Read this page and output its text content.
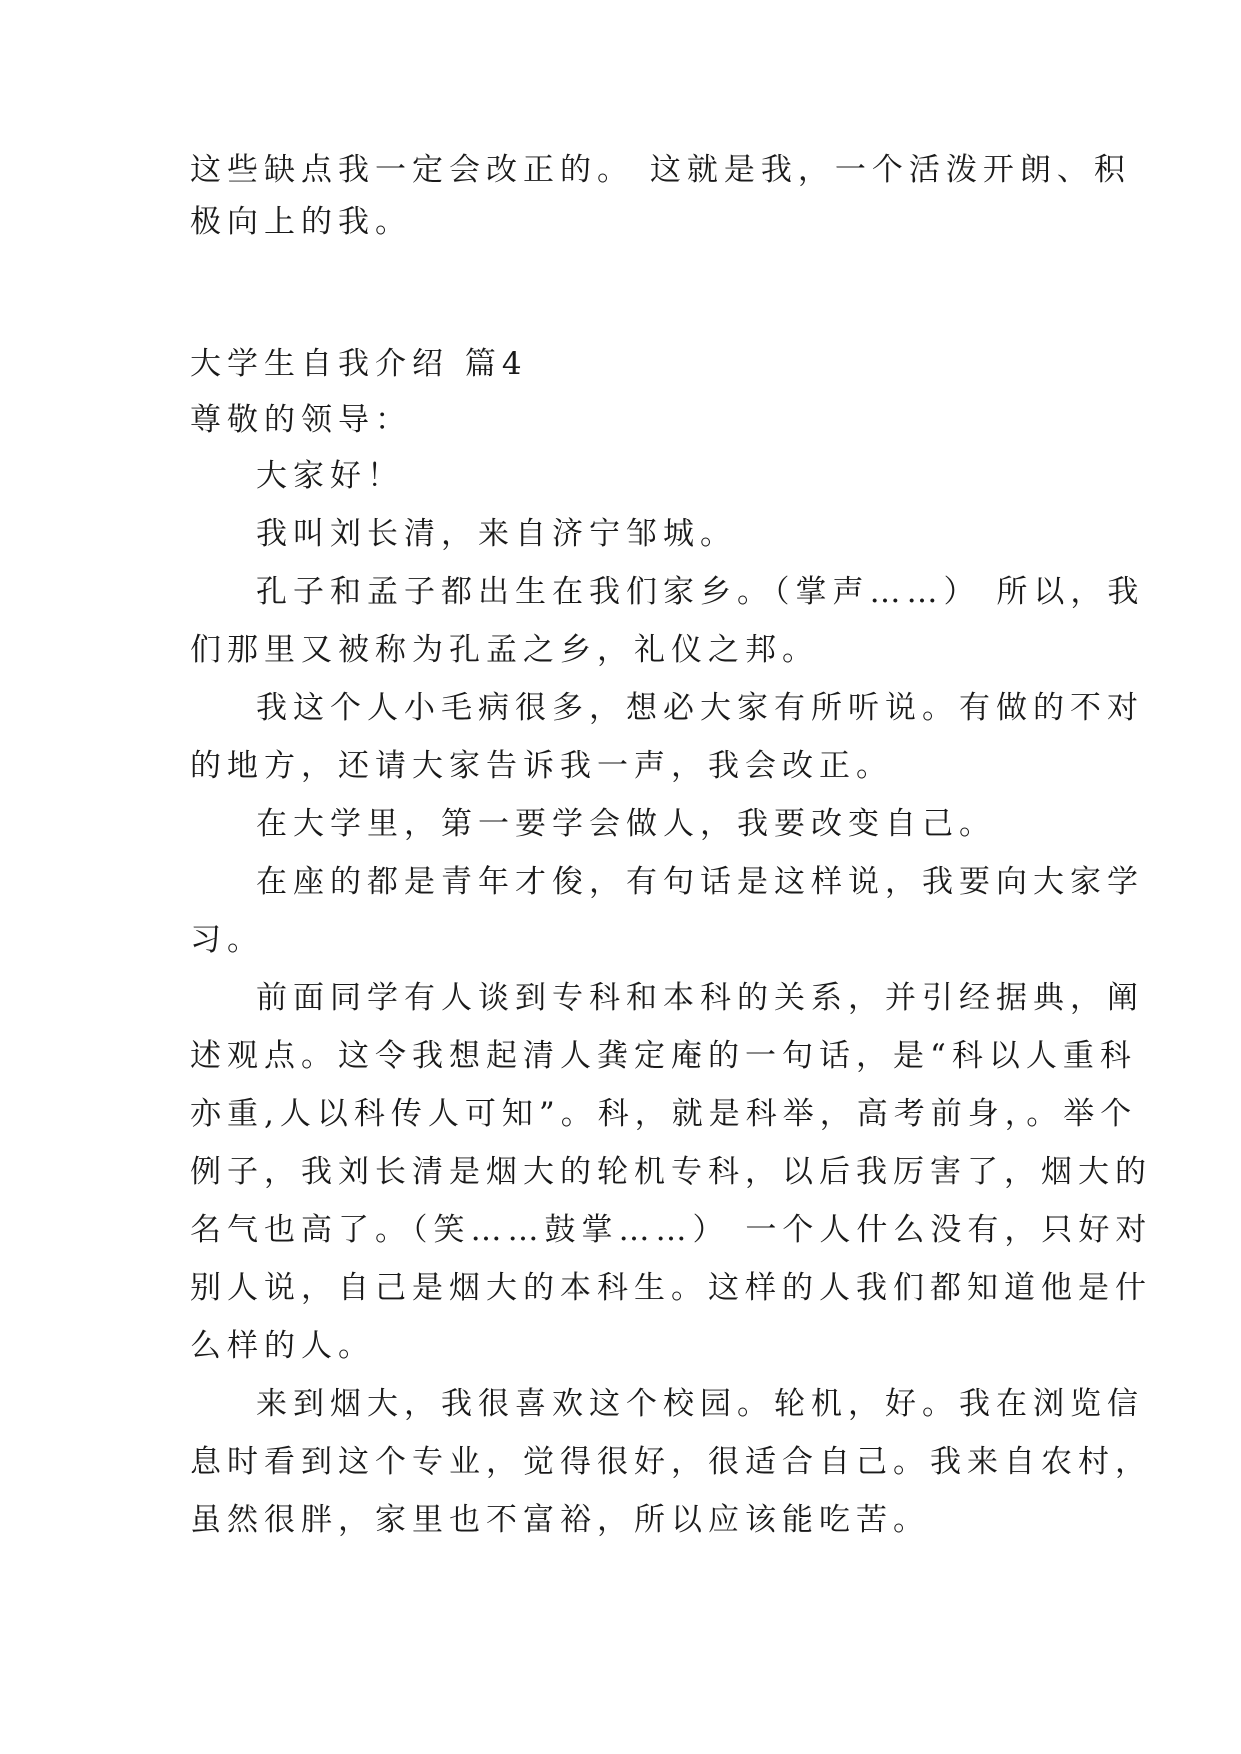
这些缺点我一定会改正的。 这就是我，一个活泼开朗、积
极向上的我。
大学生自我介绍 篇4
尊敬的领导：
大家好！
我叫刘长清，来自济宁邹城。
孔子和孟子都出生在我们家乡。（掌声……） 所以，我
们那里又被称为孔孟之乡，礼仪之邦。
我这个人小毛病很多，想必大家有所听说。有做的不对
的地方，还请大家告诉我一声，我会改正。
在大学里，第一要学会做人，我要改变自己。
在座的都是青年才俊，有句话是这样说，我要向大家学
习。
前面同学有人谈到专科和本科的关系，并引经据典，阐
述观点。这令我想起清人龚定庵的一句话，是“科以人重科
亦重,人以科传人可知”。科，就是科举，高考前身，。举个
例子，我刘长清是烟大的轮机专科，以后我厉害了，烟大的
名气也高了。（笑……鼓掌……） 一个人什么没有，只好对
别人说，自己是烟大的本科生。这样的人我们都知道他是什
么样的人。
来到烟大，我很喜欢这个校园。轮机，好。我在浏览信
息时看到这个专业，觉得很好，很适合自己。我来自农村，
虽然很胖，家里也不富裕，所以应该能吃苦。
